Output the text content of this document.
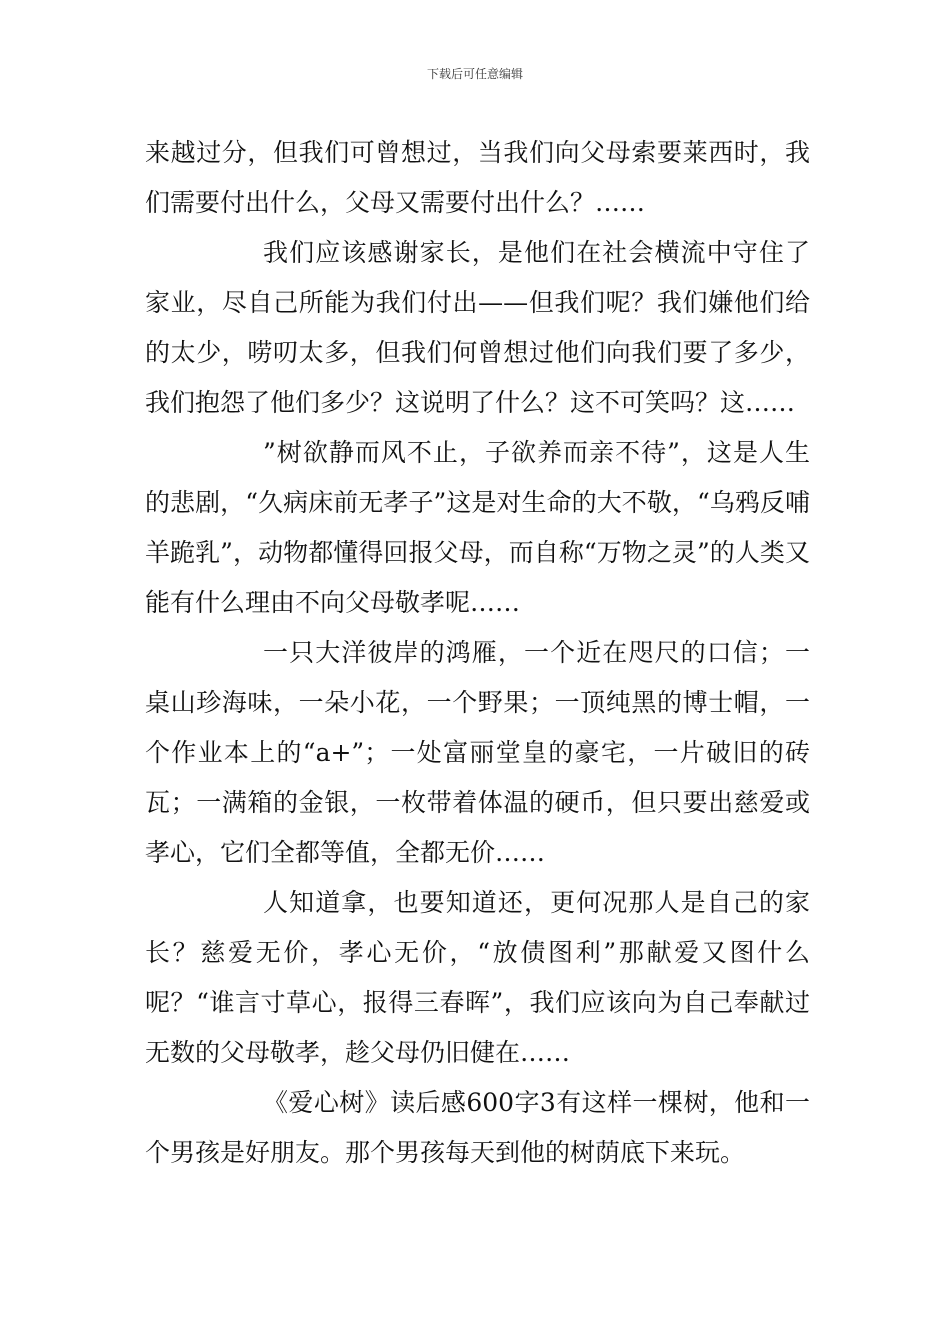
下载后可任意编辑

来越过分，但我们可曾想过，当我们向父母索要莱西时，我们需要付出什么，父母又需要付出什么？……

我们应该感谢家长，是他们在社会横流中守住了家业，尽自己所能为我们付出——但我们呢？我们嫌他们给的太少，唠叨太多，但我们何曾想过他们向我们要了多少，我们抱怨了他们多少？这说明了什么？这不可笑吗？这……

”树欲静而风不止，子欲养而亲不待”，这是人生的悲剧，“久病床前无孝子”这是对生命的大不敬，“乌鸦反哺羊跪乳”，动物都懂得回报父母，而自称“万物之灵”的人类又能有什么理由不向父母敬孝呢……

一只大洋彼岸的鸿雁，一个近在咫尺的口信；一桌山珍海味，一朵小花，一个野果；一顶纯黑的博士帽，一个作业本上的“a+”；一处富丽堂皇的豪宅，一片破旧的砖瓦；一满箱的金银，一枚带着体温的硬币，但只要出慈爱或孝心，它们全都等值，全都无价……

人知道拿，也要知道还，更何况那人是自己的家长？慈爱无价，孝心无价，“放债图利”那献爱又图什么呢？“谁言寸草心，报得三春晖”，我们应该向为自己奉献过无数的父母敬孝，趁父母仍旧健在……

《爱心树》读后感600字3有这样一棵树，他和一个男孩是好朋友。那个男孩每天到他的树荫底下来玩。
